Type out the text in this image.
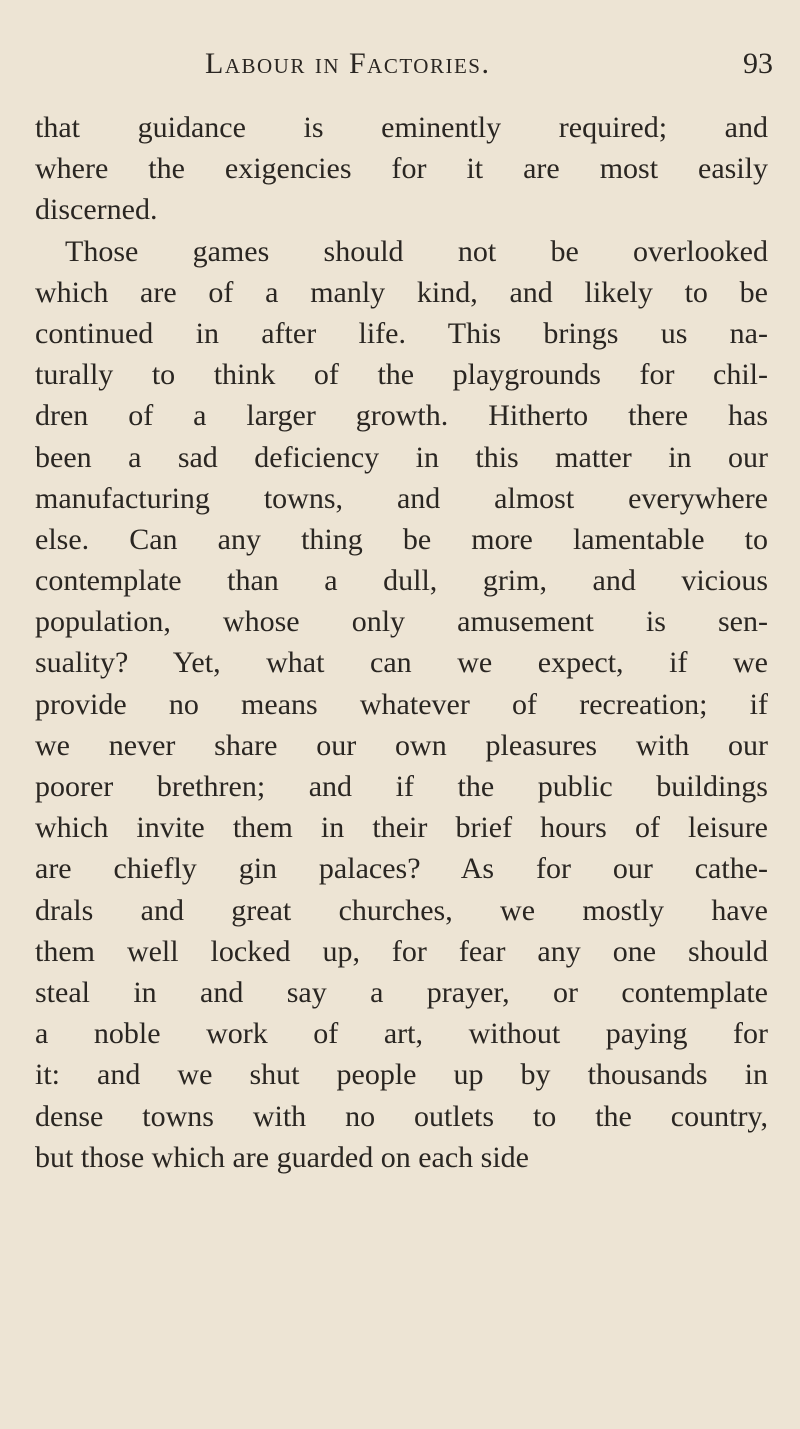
Labour in Factories.	93
that guidance is eminently required; and
where the exigencies for it are most easily
discerned.
Those games should not be overlooked
which are of a manly kind, and likely to be
continued in after life. This brings us na-
turally to think of the playgrounds for chil-
dren of a larger growth. Hitherto there has
been a sad deficiency in this matter in our
manufacturing towns, and almost everywhere
else. Can any thing be more lamentable to
contemplate than a dull, grim, and vicious
population, whose only amusement is sen-
suality? Yet, what can we expect, if we
provide no means whatever of recreation; if
we never share our own pleasures with our
poorer brethren; and if the public buildings
which invite them in their brief hours of leisure
are chiefly gin palaces? As for our cathe-
drals and great churches, we mostly have
them well locked up, for fear any one should
steal in and say a prayer, or contemplate
a noble work of art, without paying for
it: and we shut people up by thousands in
dense towns with no outlets to the country,
but those which are guarded on each side
